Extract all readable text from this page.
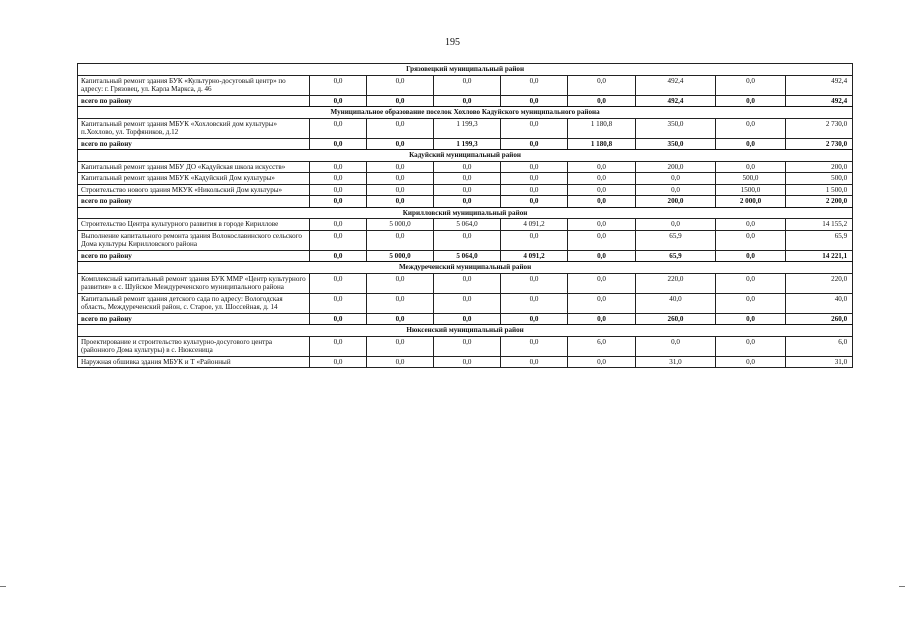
195
Грязовецкий муниципальный район								
Капитальный ремонт здания БУК «Культурно-досуговый центр» по адресу: г. Грязовец, ул. Карла Маркса, д. 46	0,0	0,0	0,0	0,0	0,0	492,4	0,0	492,4
всего по району	0,0	0,0	0,0	0,0	0,0	492,4	0,0	492,4
Муниципальное образование поселок Хохлово Кадуйского муниципального района								
Капитальный ремонт здания МБУК «Хохловский дом культуры» п.Хохлово, ул. Торфяников, д.12	0,0	0,0	1 199,3	0,0	1 180,8	350,0	0,0	2 730,0
всего по району	0,0	0,0	1 199,3	0,0	1 180,8	350,0	0,0	2 730,0
Кадуйский муниципальный район								
Капитальный ремонт здания МБУ ДО «Кадуйская школа искусств»	0,0	0,0	0,0	0,0	0,0	200,0	0,0	200,0
Капитальный ремонт здания МБУК «Кадуйский Дом культуры»	0,0	0,0	0,0	0,0	0,0	0,0	500,0	500,0
Строительство нового здания МКУК «Никольский Дом культуры»	0,0	0,0	0,0	0,0	0,0	0,0	1500,0	1 500,0
всего по району	0,0	0,0	0,0	0,0	0,0	200,0	2 000,0	2 200,0
Кирилловский муниципальный район								
Строительство Центра культурного развития в городе Кириллове	0,0	5 000,0	5 064,0	4 091,2	0,0	0,0	0,0	14 155,2
Выполнение капитального ремонта здания Волокославинского сельского Дома культуры Кирилловского района	0,0	0,0	0,0	0,0	0,0	65,9	0,0	65,9
всего по району	0,0	5 000,0	5 064,0	4 091,2	0,0	65,9	0,0	14 221,1
Междуреченский муниципальный район								
Комплексный капитальный ремонт здания БУК ММР «Центр культурного развития» в с. Шуйское Междуреченского муниципального района	0,0	0,0	0,0	0,0	0,0	220,0	0,0	220,0
Капитальный ремонт здания детского сада по адресу: Вологодская область, Междуреченский район, с. Старое, ул. Шоссейная, д. 14	0,0	0,0	0,0	0,0	0,0	40,0	0,0	40,0
всего по району	0,0	0,0	0,0	0,0	0,0	260,0	0,0	260,0
Нюксенский муниципальный район								
Проектирование и строительство культурно-досугового центра (районного Дома культуры) в с. Нюксеница	0,0	0,0	0,0	0,0	6,0	0,0	0,0	6,0
Наружная обшивка здания МБУК и Т «Районный	0,0	0,0	0,0	0,0	0,0	31,0	0,0	31,0
